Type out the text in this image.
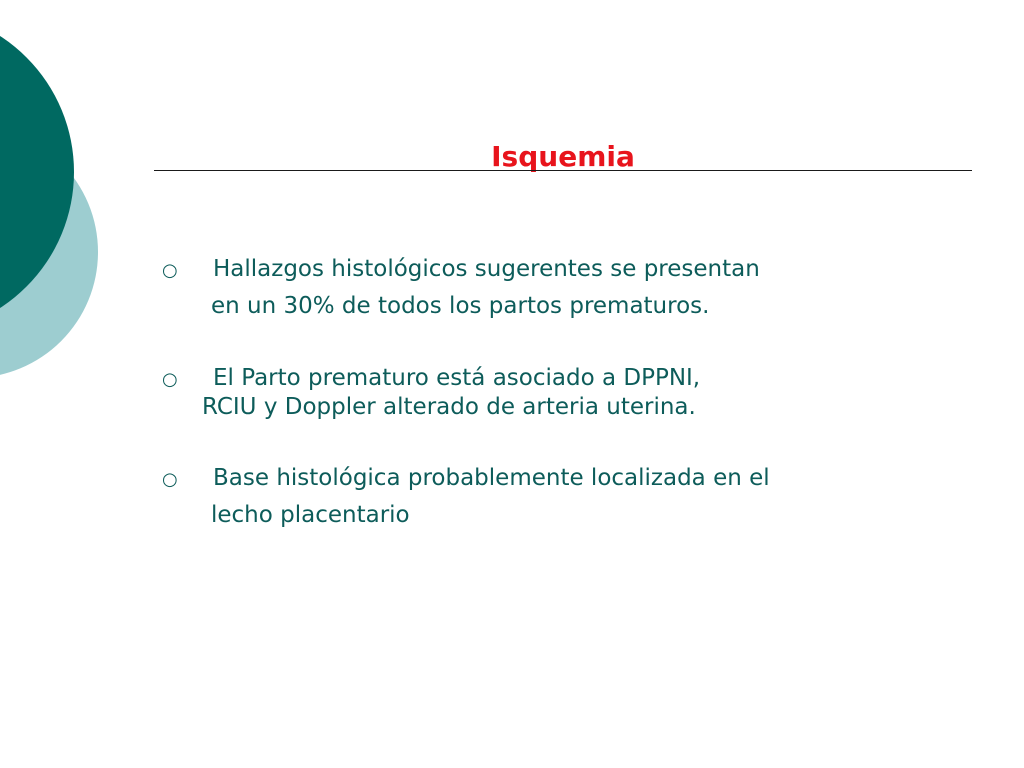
Isquemia
○ Hallazgos histológicos sugerentes se presentan
en un 30% de todos los partos prematuros.
○ El Parto prematuro está asociado a DPPNI,
RCIU y Doppler alterado de arteria uterina.
○ Base histológica probablemente localizada en el
lecho placentario
